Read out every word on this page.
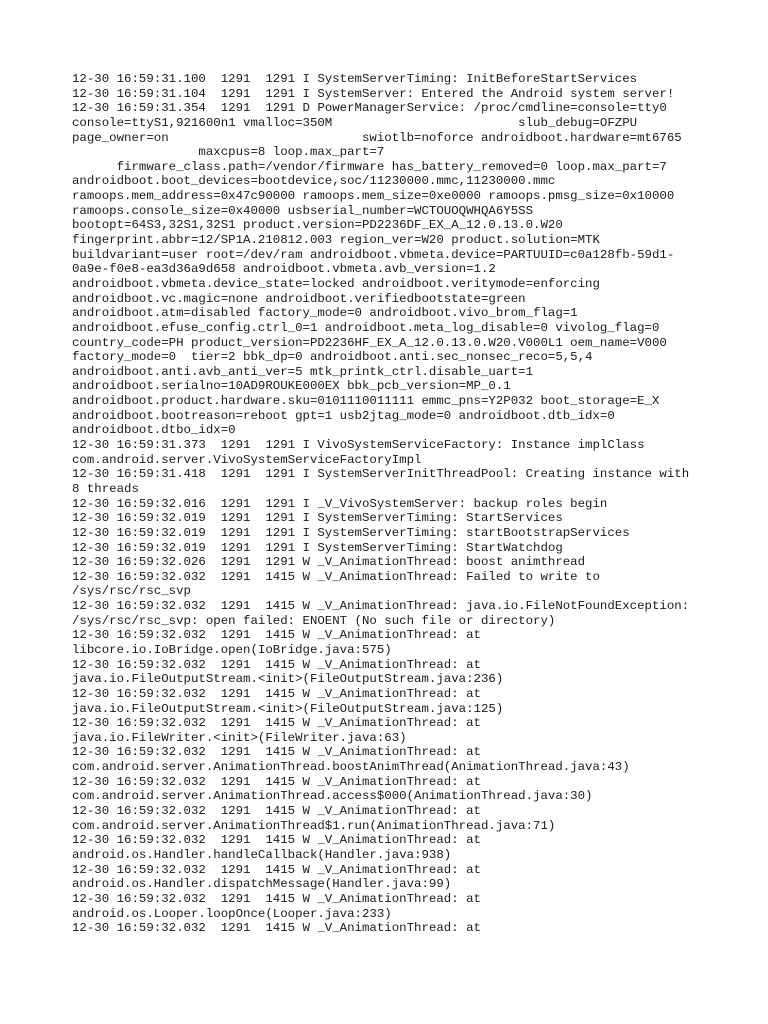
12-30 16:59:31.100  1291  1291 I SystemServerTiming: InitBeforeStartServices
12-30 16:59:31.104  1291  1291 I SystemServer: Entered the Android system server!
12-30 16:59:31.354  1291  1291 D PowerManagerService: /proc/cmdline=console=tty0
console=ttyS1,921600n1 vmalloc=350M                         slub_debug=OFZPU
page_owner=on                          swiotlb=noforce androidboot.hardware=mt6765
maxcpus=8 loop.max_part=7
firmware_class.path=/vendor/firmware has_battery_removed=0 loop.max_part=7
androidboot.boot_devices=bootdevice,soc/11230000.mmc,11230000.mmc
ramoops.mem_address=0x47c90000 ramoops.mem_size=0xe0000 ramoops.pmsg_size=0x10000
ramoops.console_size=0x40000 usbserial_number=WCTOUOQWHQA6Y5SS
bootopt=64S3,32S1,32S1 product.version=PD2236DF_EX_A_12.0.13.0.W20
fingerprint.abbr=12/SP1A.210812.003 region_ver=W20 product.solution=MTK
buildvariant=user root=/dev/ram androidboot.vbmeta.device=PARTUUID=c0a128fb-59d1-
0a9e-f0e8-ea3d36a9d658 androidboot.vbmeta.avb_version=1.2
androidboot.vbmeta.device_state=locked androidboot.veritymode=enforcing
androidboot.vc.magic=none androidboot.verifiedbootstate=green
androidboot.atm=disabled factory_mode=0 androidboot.vivo_brom_flag=1
androidboot.efuse_config.ctrl_0=1 androidboot.meta_log_disable=0 vivolog_flag=0
country_code=PH product_version=PD2236HF_EX_A_12.0.13.0.W20.V000L1 oem_name=V000
factory_mode=0  tier=2 bbk_dp=0 androidboot.anti.sec_nonsec_reco=5,5,4
androidboot.anti.avb_anti_ver=5 mtk_printk_ctrl.disable_uart=1
androidboot.serialno=10AD9ROUKE000EX bbk_pcb_version=MP_0.1
androidboot.product.hardware.sku=0101110011111 emmc_pns=Y2P032 boot_storage=E_X
androidboot.bootreason=reboot gpt=1 usb2jtag_mode=0 androidboot.dtb_idx=0
androidboot.dtbo_idx=0
12-30 16:59:31.373  1291  1291 I VivoSystemServiceFactory: Instance implClass
com.android.server.VivoSystemServiceFactoryImpl
12-30 16:59:31.418  1291  1291 I SystemServerInitThreadPool: Creating instance with
8 threads
12-30 16:59:32.016  1291  1291 I _V_VivoSystemServer: backup roles begin
12-30 16:59:32.019  1291  1291 I SystemServerTiming: StartServices
12-30 16:59:32.019  1291  1291 I SystemServerTiming: startBootstrapServices
12-30 16:59:32.019  1291  1291 I SystemServerTiming: StartWatchdog
12-30 16:59:32.026  1291  1291 W _V_AnimationThread: boost animthread
12-30 16:59:32.032  1291  1415 W _V_AnimationThread: Failed to write to
/sys/rsc/rsc_svp
12-30 16:59:32.032  1291  1415 W _V_AnimationThread: java.io.FileNotFoundException:
/sys/rsc/rsc_svp: open failed: ENOENT (No such file or directory)
12-30 16:59:32.032  1291  1415 W _V_AnimationThread: at
libcore.io.IoBridge.open(IoBridge.java:575)
12-30 16:59:32.032  1291  1415 W _V_AnimationThread: at
java.io.FileOutputStream.<init>(FileOutputStream.java:236)
12-30 16:59:32.032  1291  1415 W _V_AnimationThread: at
java.io.FileOutputStream.<init>(FileOutputStream.java:125)
12-30 16:59:32.032  1291  1415 W _V_AnimationThread: at
java.io.FileWriter.<init>(FileWriter.java:63)
12-30 16:59:32.032  1291  1415 W _V_AnimationThread: at
com.android.server.AnimationThread.boostAnimThread(AnimationThread.java:43)
12-30 16:59:32.032  1291  1415 W _V_AnimationThread: at
com.android.server.AnimationThread.access$000(AnimationThread.java:30)
12-30 16:59:32.032  1291  1415 W _V_AnimationThread: at
com.android.server.AnimationThread$1.run(AnimationThread.java:71)
12-30 16:59:32.032  1291  1415 W _V_AnimationThread: at
android.os.Handler.handleCallback(Handler.java:938)
12-30 16:59:32.032  1291  1415 W _V_AnimationThread: at
android.os.Handler.dispatchMessage(Handler.java:99)
12-30 16:59:32.032  1291  1415 W _V_AnimationThread: at
android.os.Looper.loopOnce(Looper.java:233)
12-30 16:59:32.032  1291  1415 W _V_AnimationThread: at
